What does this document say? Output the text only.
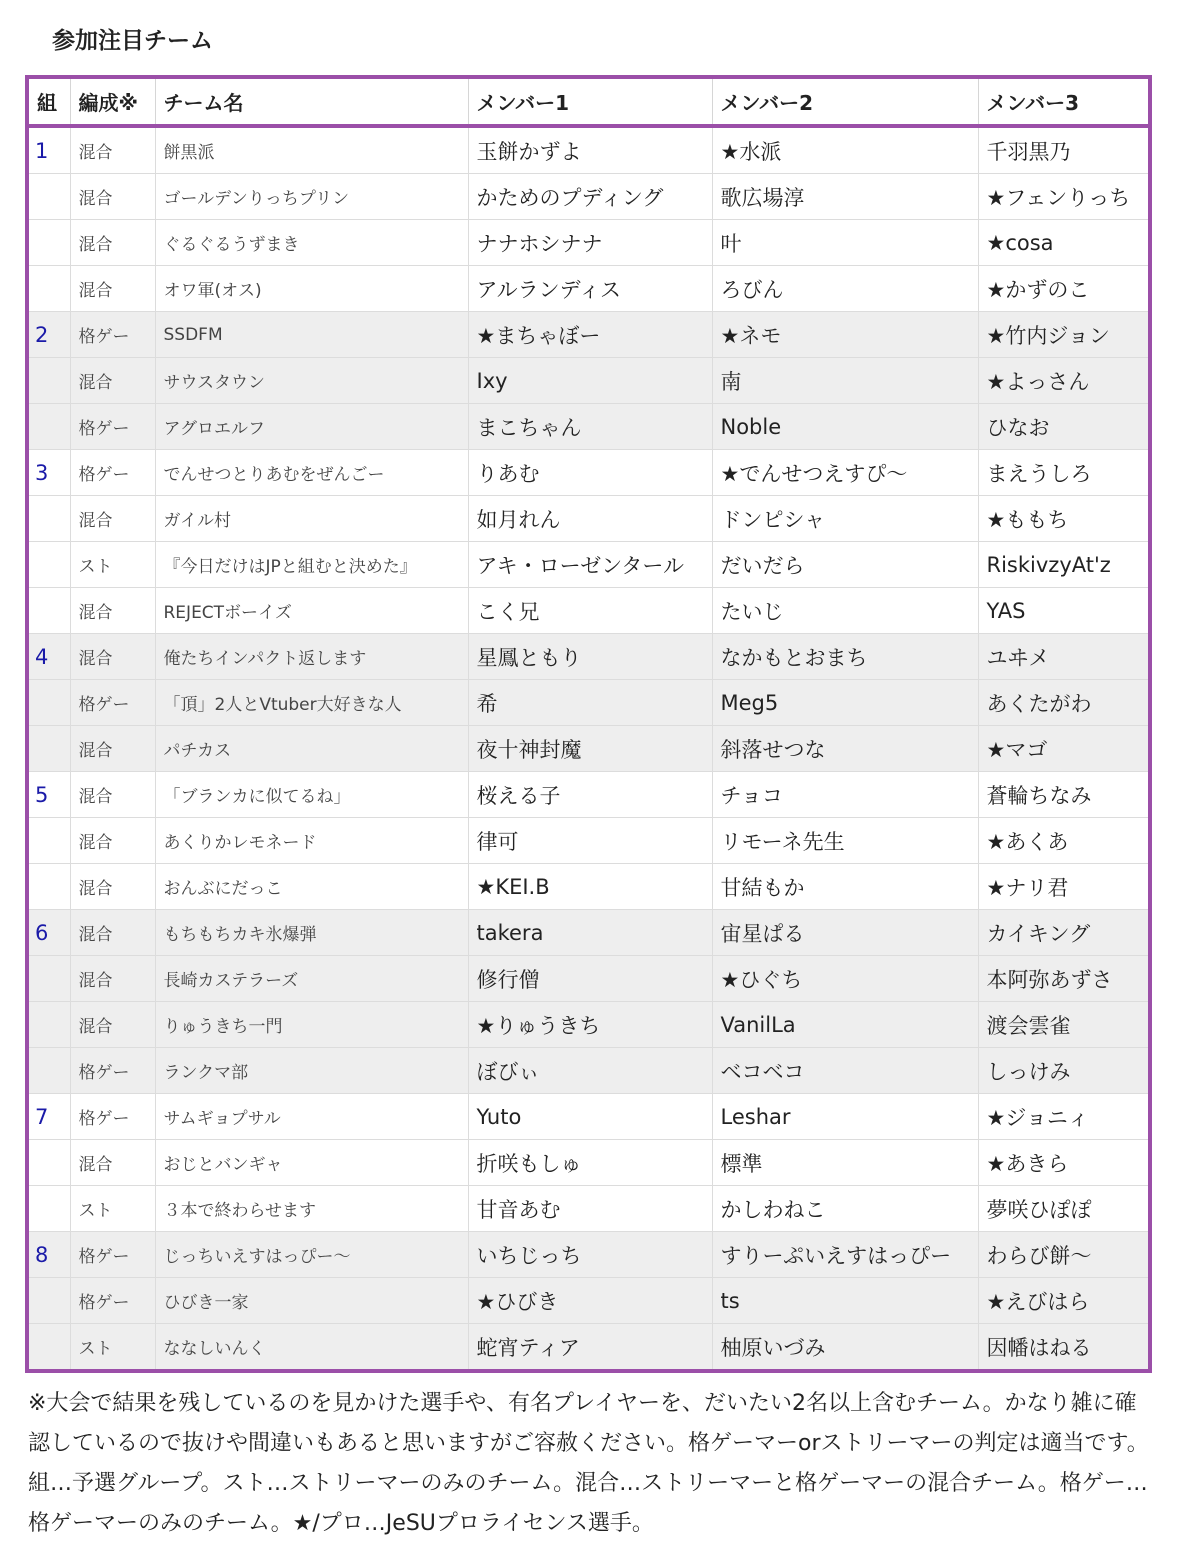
参加注目チーム
組	編成※	チーム名	メンバー1	メンバー2	メンバー3
1	混合	餅黒派	玉餅かずよ	★水派	千羽黒乃
	混合	ゴールデンりっちプリン	かためのプディング	歌広場淳	★フェンりっち
	混合	ぐるぐるうずまき	ナナホシナナ	叶	★cosa
	混合	オワ軍(オス)	アルランディス	ろびん	★かずのこ
2	格ゲー	SSDFM	★まちゃぼー	★ネモ	★竹内ジョン
	混合	サウスタウン	Ixy	南	★よっさん
	格ゲー	アグロエルフ	まこちゃん	Noble	ひなお
3	格ゲー	でんせつとりあむをぜんごー	りあむ	★でんせつえすぴ〜	まえうしろ
	混合	ガイル村	如月れん	ドンピシャ	★ももち
	スト	『今日だけはJPと組むと決めた』	アキ・ローゼンタール	だいだら	RiskivzyAt'z
	混合	REJECTボーイズ	こく兄	たいじ	YAS
4	混合	俺たちインパクト返します	星鳳ともり	なかもとおまち	ユヰメ
	格ゲー	「頂」2人とVtuber大好きな人	希	Meg5	あくたがわ
	混合	パチカス	夜十神封魔	斜落せつな	★マゴ
5	混合	「ブランカに似てるね」	桜える子	チョコ	蒼輪ちなみ
	混合	あくりかレモネード	律可	リモーネ先生	★あくあ
	混合	おんぶにだっこ	★KEI.B	甘結もか	★ナリ君
6	混合	もちもちカキ氷爆弾	takera	宙星ぱる	カイキング
	混合	長崎カステラーズ	修行僧	★ひぐち	本阿弥あずさ
	混合	りゅうきち一門	★りゅうきち	VanilLa	渡会雲雀
	格ゲー	ランクマ部	ぼびぃ	ベコベコ	しっけみ
7	格ゲー	サムギョプサル	Yuto	Leshar	★ジョニィ
	混合	おじとバンギャ	折咲もしゅ	標準	★あきら
	スト	３本で終わらせます	甘音あむ	かしわねこ	夢咲ひぽぽ
8	格ゲー	じっちいえすはっぴー〜	いちじっち	すりーぷいえすはっぴー	わらび餅〜
	格ゲー	ひびき一家	★ひびき	ts	★えびはら
	スト	ななしいんく	蛇宵ティア	柚原いづみ	因幡はねる
※大会で結果を残しているのを見かけた選手や、有名プレイヤーを、だいたい2名以上含むチーム。かなり雑に確認しているので抜けや間違いもあると思いますがご容赦ください。格ゲーマーorストリーマーの判定は適当です。組…予選グループ。スト…ストリーマーのみのチーム。混合…ストリーマーと格ゲーマーの混合チーム。格ゲー…格ゲーマーのみのチーム。★/プロ…JeSUプロライセンス選手。
